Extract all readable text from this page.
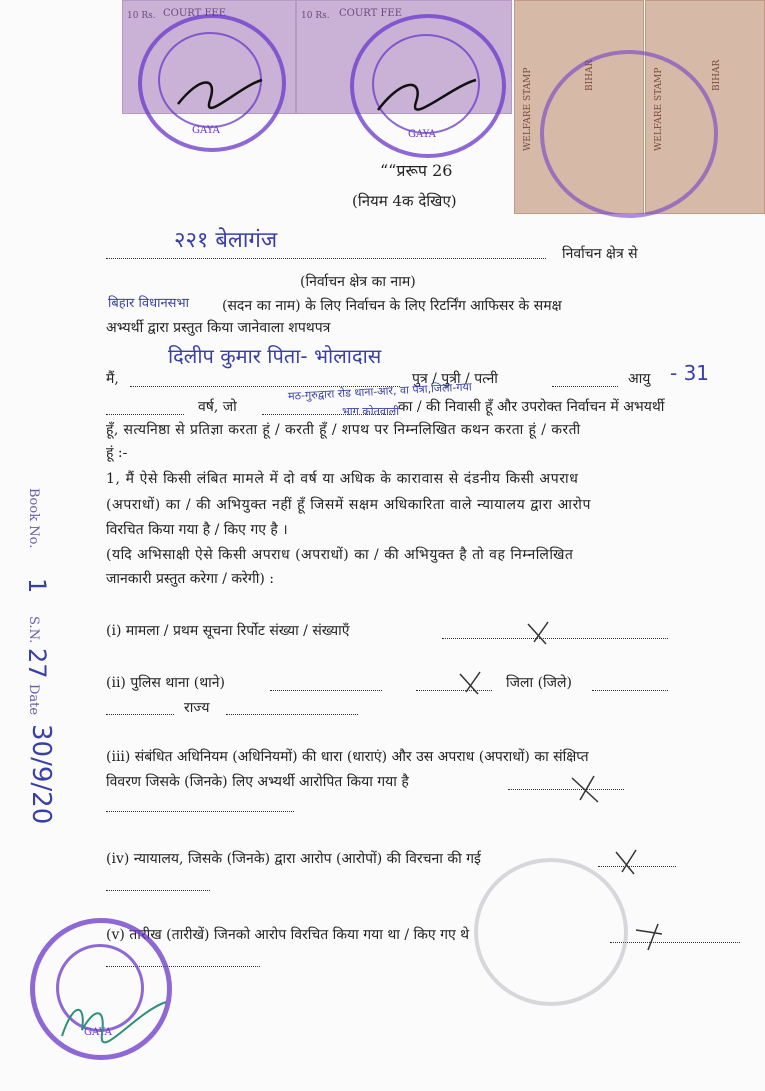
COURT FEE
10 Rs.	COURT FEE
10 Rs.
WELFARE STAMP	BIHAR	WELFARE STAMP	BIHAR
GAYA	GAYA
““प्ररूप 26
(नियम 4क देखिए)
२२१ बेलागंज
निर्वाचन क्षेत्र से
(निर्वाचन क्षेत्र का नाम)
बिहार विधानसभा (सदन का नाम) के लिए निर्वाचन के लिए रिटर्निंग आफिसर के समक्ष
अभ्यर्थी द्वारा प्रस्तुत किया जानेवाला शपथपत्र
मैं,
दिलीप कुमार पिता- भोलादास
पुत्र / पुत्री / पत्नी	आयु - 31
मठ-गुरुद्वारा रोड थाना-आर, वा पत्रा,जिला-गया
भाग कोतवाली
वर्ष, जो	का / की निवासी हूँ और उपरोक्त निर्वाचन में अभयर्थी
हूँ, सत्यनिष्ठा से प्रतिज्ञा करता हूं / करती हूँ / शपथ पर निम्नलिखित कथन करता हूं / करती
हूं :-
1, मैं ऐसे किसी लंबित मामले में दो वर्ष या अधिक के कारावास से दंडनीय किसी अपराध
(अपराधों) का / की अभियुक्त नहीं हूँ जिसमें सक्षम अधिकारिता वाले न्यायालय द्वारा आरोप
विरचित किया गया है / किए गए है ।
(यदि अभिसाक्षी ऐसे किसी अपराध (अपराधों) का / की अभियुक्त है तो वह निम्नलिखित
जानकारी प्रस्तुत करेगा / करेगी) :
(i) मामला / प्रथम सूचना रिर्पोट संख्या / संख्याएँ
(ii) पुलिस थाना (थाने)	जिला (जिले)
राज्य
(iii) संबंधित अधिनियम (अधिनियमों) की धारा (धाराएं) और उस अपराध (अपराधों) का संक्षिप्त
विवरण जिसके (जिनके) लिए अभ्यर्थी आरोपित किया गया है
(iv) न्यायालय, जिसके (जिनके) द्वारा आरोप (आरोपों) की विरचना की गई
(v) तारीख (तारीखें) जिनको आरोप विरचित किया गया था / किए गए थे
GAYA
Book No.
1
S.N.
27
Date
30/9/20
